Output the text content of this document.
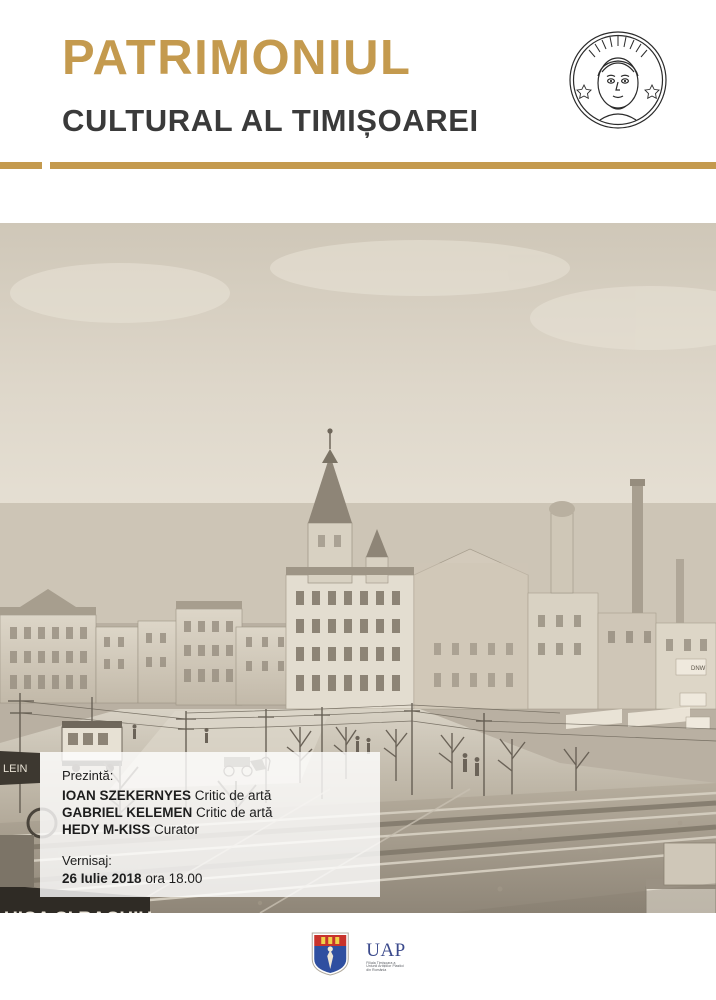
PATRIMONIUL
CULTURAL AL TIMIȘOAREI
DNW
LEIN	Prezintă:
IOAN SZEKERNYES Critic de artă
GABRIEL KELEMEN Critic de artă
HEDY M-KISS Curator
Vernisaj:
26 Iulie 2018 ora 18.00
UAP
Filiala Timișoara a
Uniunii Artiștilor Plastici
din România
